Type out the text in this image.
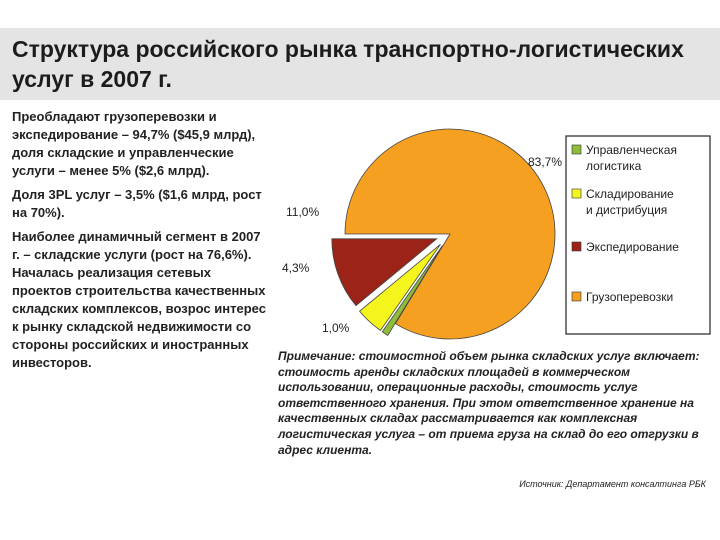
Структура российского рынка транспортно-логистических
услуг в 2007 г.

Преобладают грузоперевозки и экспедирование – 94,7% ($45,9 млрд), доля складские и управленческие услуги – менее 5% ($2,6 млрд).

Доля 3PL услуг – 3,5% ($1,6 млрд, рост на 70%).

Наиболее динамичный сегмент в 2007 г. – складские услуги (рост на 76,6%). Началась реализация сетевых проектов строительства качественных складских комплексов, возрос интерес к рынку складской недвижимости со стороны российских и иностранных инвесторов.

1,0%
4,3%
11,0%
83,7%
Управленческая логистика
Складирование и дистрибуция
Экспедирование
Грузоперевозки
Примечание: стоимостной объем рынка складских услуг включает: стоимость аренды складских площадей в коммерческом использовании, операционные расходы, стоимость услуг ответственного хранения. При этом ответственное хранение на качественных складах рассматривается как комплексная логистическая услуга – от приема груза на склад до его отгрузки в адрес клиента.
Источник: Департамент консалтинга РБК
